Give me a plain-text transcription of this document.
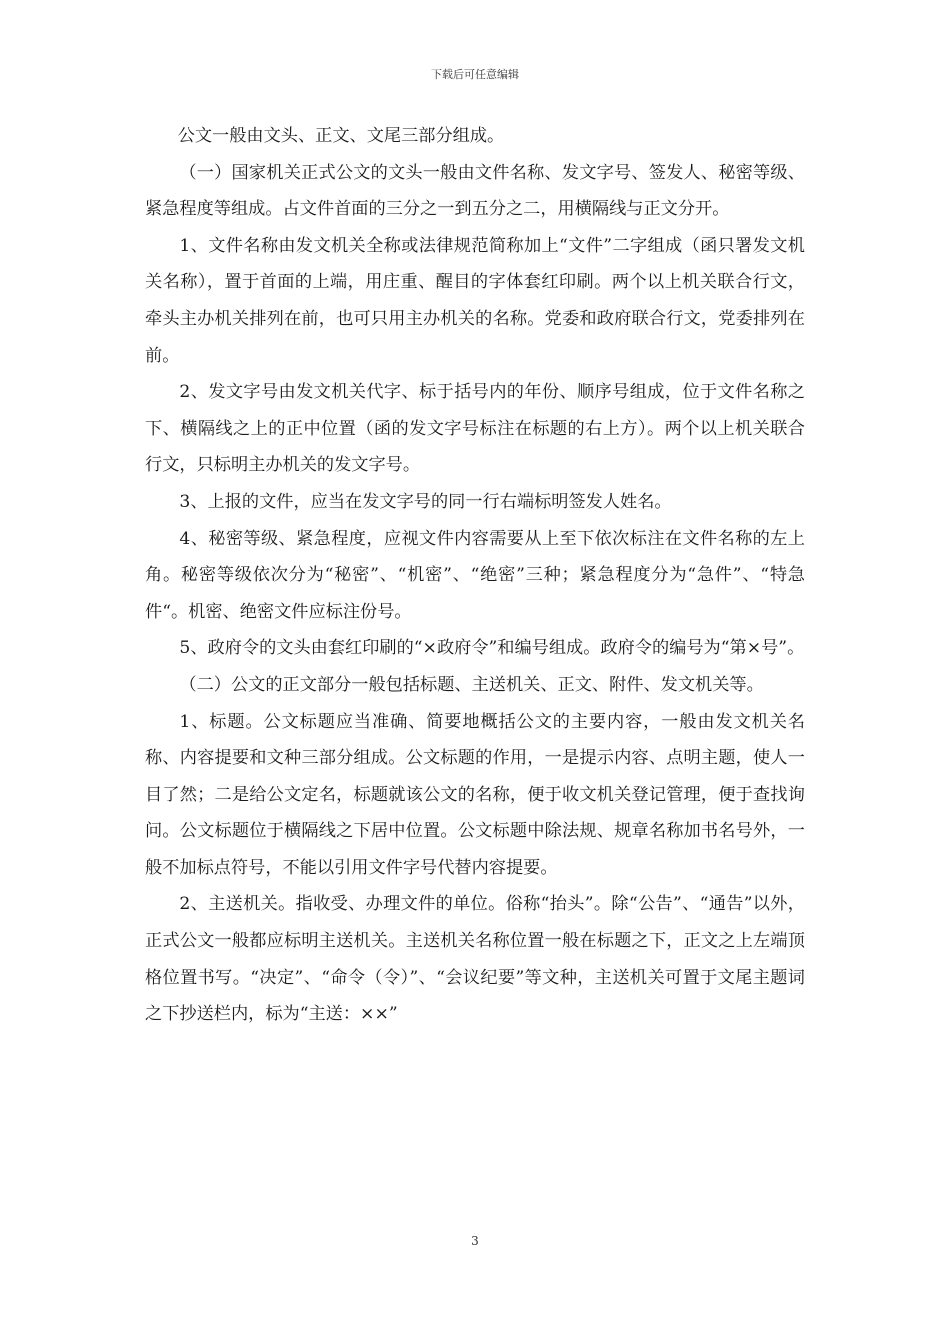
下载后可任意编辑

公文一般由文头、正文、文尾三部分组成。

（一）国家机关正式公文的文头一般由文件名称、发文字号、签发人、秘密等级、紧急程度等组成。占文件首面的三分之一到五分之二，用横隔线与正文分开。

1、文件名称由发文机关全称或法律规范简称加上“文件”二字组成（函只署发文机关名称），置于首面的上端，用庄重、醒目的字体套红印刷。两个以上机关联合行文，牵头主办机关排列在前，也可只用主办机关的名称。党委和政府联合行文，党委排列在前。

2、发文字号由发文机关代字、标于括号内的年份、顺序号组成，位于文件名称之下、横隔线之上的正中位置（函的发文字号标注在标题的右上方）。两个以上机关联合行文，只标明主办机关的发文字号。

3、上报的文件，应当在发文字号的同一行右端标明签发人姓名。

4、秘密等级、紧急程度，应视文件内容需要从上至下依次标注在文件名称的左上角。秘密等级依次分为“秘密”、“机密”、“绝密”三种；紧急程度分为“急件”、“特急件“。机密、绝密文件应标注份号。

5、政府令的文头由套红印刷的“×政府令”和编号组成。政府令的编号为“第×号”。

（二）公文的正文部分一般包括标题、主送机关、正文、附件、发文机关等。

1、标题。公文标题应当准确、简要地概括公文的主要内容，一般由发文机关名称、内容提要和文种三部分组成。公文标题的作用，一是提示内容、点明主题，使人一目了然；二是给公文定名，标题就该公文的名称，便于收文机关登记管理，便于查找询问。公文标题位于横隔线之下居中位置。公文标题中除法规、规章名称加书名号外，一般不加标点符号，不能以引用文件字号代替内容提要。

2、主送机关。指收受、办理文件的单位。俗称“抬头”。除“公告”、“通告”以外，正式公文一般都应标明主送机关。主送机关名称位置一般在标题之下，正文之上左端顶格位置书写。“决定”、“命令（令）”、“会议纪要”等文种，主送机关可置于文尾主题词之下抄送栏内，标为“主送：××”

3
